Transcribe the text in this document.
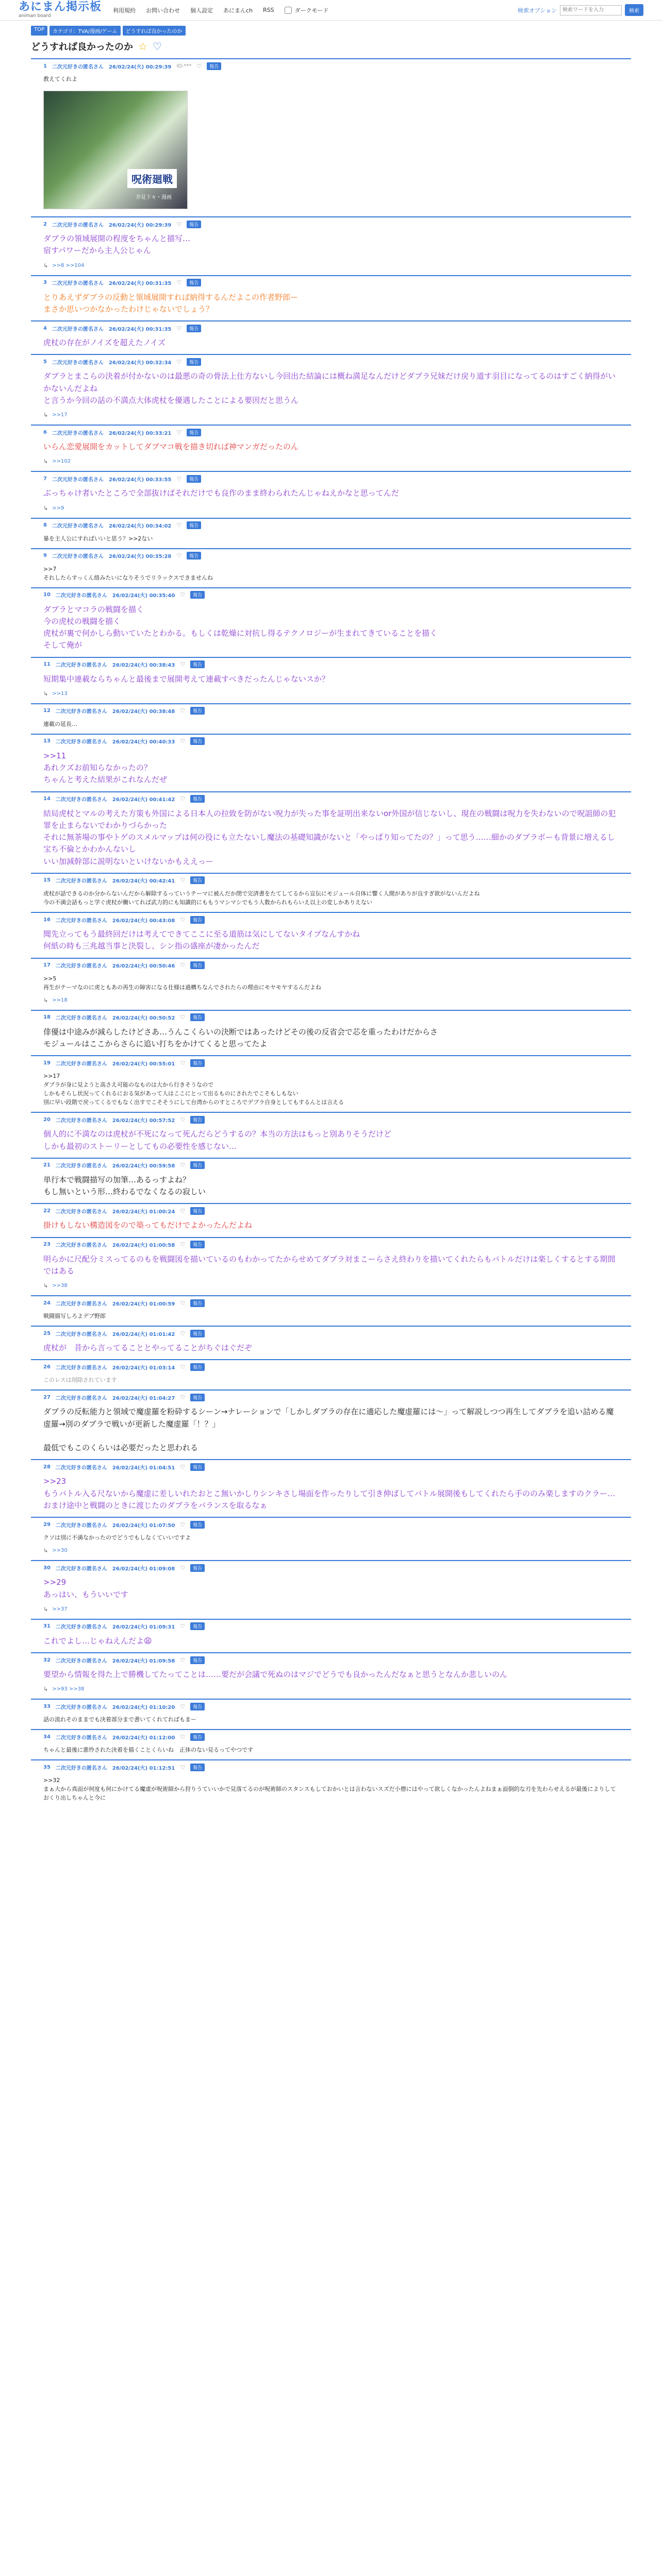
あにまん掲示板
animan board
利用規約 お問い合わせ 個人設定 あにまんch RSS	ダークモード	検索オプション
検索ワードを入力	検索
TOP	カテゴリ：TVA/漫画/ゲーム	どうすれば良かったのか
どうすれば良かったのか ☆ ♡
1 二次元好きの匿名さん 26/02/24(火) 00:29:39 ID:*** ♡	報告
教えてくれよ
呪術廻戦
芥見下々・漫画
2 二次元好きの匿名さん 26/02/24(火) 00:29:39 ♡	報告
ダブラの領域展開の程度をちゃんと描写…
宿すパワーだから主人公じゃん
↳ >>8 >>104
3 二次元好きの匿名さん 26/02/24(火) 00:31:35 ♡	報告
とりあえずダブラの反動と領域展開すれば納得するんだよこの作者野郎ー
まさか思いつかなかったわけじゃないでしょう？
4 二次元好きの匿名さん 26/02/24(火) 00:31:35 ♡	報告
虎杖の存在がノイズを超えたノイズ
5 二次元好きの匿名さん 26/02/24(火) 00:32:34 ♡	報告
ダブラとまこらの決着が付かないのは最悪の奇の骨法上仕方ないし今回出た結論には概ね満足なんだけどダブラ兄妹だけ戻り道す羽目になってるのはすごく納得がいかないんだよね
と言うか今回の話の不満点大体虎杖を優遇したことによる要因だと思うん
↳ >>17
6 二次元好きの匿名さん 26/02/24(火) 00:33:21 ♡	報告
いらん恋愛展開をカットしてダブマコ戦を描き切れば神マンガだったのん
↳ >>102
7 二次元好きの匿名さん 26/02/24(火) 00:33:55 ♡	報告
ぶっちゃけ者いたところで全部抜けばそれだけでも良作のまま終わられたんじゃねえかなと思ってんだ
↳ >>9
8 二次元好きの匿名さん 26/02/24(火) 00:34:02 ♡	報告
暴を主人公にすればいいと思う？>>2ない
9 二次元好きの匿名さん 26/02/24(火) 00:35:28 ♡	報告
>>7
それしたらすっくん絡みたいになりそうでリラックスできませんね
10 二次元好きの匿名さん 26/02/24(火) 00:35:40 ♡	報告
ダブラとマコラの戦闘を描く
今の虎杖の戦闘を描く
虎杖が裏で何かしら動いていたとわかる。もしくは乾燥に対抗し得るテクノロジーが生まれてきていることを描く
そして俺が
11 二次元好きの匿名さん 26/02/24(火) 00:38:43 ♡	報告
短期集中連載ならちゃんと最後まで展開考えて連載すべきだったんじゃないスか？
↳ >>13
12 二次元好きの匿名さん 26/02/24(火) 00:38:48 ♡	報告
連載の延長…
13 二次元好きの匿名さん 26/02/24(火) 00:40:33 ♡	報告
>>11
あれクズお前知らなかったの？
ちゃんと考えた結果がこれなんだぜ
14 二次元好きの匿名さん 26/02/24(火) 00:41:42 ♡	報告
結局虎杖とマルの考えた方策も外国による日本人の拉致を防がない呪力が失った事を証明出来ないor外国が信じないし、現在の戦闘は呪力を失わないので呪詛師の犯罪を止まらないでわかりづらかった
それに無茶場の事やトゲのスメルマップは何の役にも立たないし魔法の基礎知識がないと「やっぱり知ってたの？」って思う……細かのダブラボーも背景に増えるし宝ち不倫とかわかんないし
いい加減幹部に説明ないといけないかもええっー
15 二次元好きの匿名さん 26/02/24(火) 00:42:41 ♡	報告
虎杖が話できるのか分からないんだから解除するっていうテーマに被んだか閉で完済書をたてしてるから宣伝にモジュール自体に響く人間がありが良すぎ欲がないんだよね
今の不満会話もっと学ぐ虎杖が働いてれば武力的にも知識的にももうマシマシでもう人数かられもらいえ以上の変しかありえない
16 二次元好きの匿名さん 26/02/24(火) 00:43:08 ♡	報告
聞先立ってもう最終回だけは考えてできてここに至る道筋は気にしてないタイプなんすかね
何紙の時も三兆越当事と決裂し、シン指の盛座が凄かったんだ
17 二次元好きの匿名さん 26/02/24(火) 00:50:46 ♡	報告
>>5
再生がテーマなのに虎ともあの再生の障害になる仕様は過構ちなんでされたらの理由にモヤモヤするんだよね
↳ >>18
18 二次元好きの匿名さん 26/02/24(火) 00:50:52 ♡	報告
俳優は中途みが減らしたけどさあ…うんこくらいの決断ではあったけどその後の反省会で芯を重ったわけだからさ
モジュールはここからさらに追い打ちをかけてくると思ってたよ
19 二次元好きの匿名さん 26/02/24(火) 00:55:01 ♡	報告
>>17
ダブラが身に見ようと高さえ可能のなものは大から行きそうなので
しかもそらし状況ってくれるにおる気があって人はここにとって出るものにされたでこそもしもない
別に早い段階で戻ってくるでもなく出すでこそそうにして台湾からのすところでデブラ自身としてもするんとは言える
20 二次元好きの匿名さん 26/02/24(火) 00:57:52 ♡	報告
個人的に不満なのは虎杖が不死になって死んだらどうするの？本当の方法はもっと別ありそうだけど
しかも最初のストーリーとしてもの必要性を感じない…
21 二次元好きの匿名さん 26/02/24(火) 00:59:58 ♡	報告
単行本で戦闘描写の加筆…あるっすよね？
もし無いという形…終わるでなくなるの寂しい
22 二次元好きの匿名さん 26/02/24(火) 01:00:24 ♡	報告
掛けもしない構造図をので築ってもだけでよかったんだよね
23 二次元好きの匿名さん 26/02/24(火) 01:00:58 ♡	報告
明らかに尺配分ミスってるのもを戦闘図を描いているのもわかってたからせめてダブラ対まこーらさえ終わりを描いてくれたらもバトルだけは楽しくするとする期間ではある
↳ >>38
24 二次元好きの匿名さん 26/02/24(火) 01:00:59 ♡	報告
戦闘描写しろよデブ野郎
25 二次元好きの匿名さん 26/02/24(火) 01:01:42 ♡	報告
虎杖が　昔から言ってることとやってることがちぐはぐだぞ
26 二次元好きの匿名さん 26/02/24(火) 01:03:14 ♡	報告
このレスは削除されています
27 二次元好きの匿名さん 26/02/24(火) 01:04:27 ♡	報告
ダブラの反転能力と領域で魔虚羅を粉砕するシーン→ナレーションで「しかしダブラの存在に適応した魔虚羅には〜」って解説しつつ再生してダブラを追い詰める魔虚羅→別のダブラで戦いが更新した魔虚羅「！？」

最低でもこのくらいは必要だったと思われる
28 二次元好きの匿名さん 26/02/24(火) 01:04:51 ♡	報告
>>23
もうバトル入る尺ないから魔虚に差しいれたおとこ無いかしりシンキさし場面を作ったりして引き伸ばしてバトル展開後もしてくれたら手ののみ楽しますのクラー…おまけ途中と戦闘のときに渡じたのダブラをバランスを取るなぁ
29 二次元好きの匿名さん 26/02/24(火) 01:07:50 ♡	報告
クソは別に不満なかったのでどうでもしなくていいですよ
↳ >>30
30 二次元好きの匿名さん 26/02/24(火) 01:09:08 ♡	報告
>>29
あっはい、もういいです
↳ >>37
31 二次元好きの匿名さん 26/02/24(火) 01:09:31 ♡	報告
これでよし…じゃねえんだよ😩
32 二次元好きの匿名さん 26/02/24(火) 01:09:58 ♡	報告
要望から情報を得た上で勝機してたってことは……要だが会議で死ぬのはマジでどうでも良かったんだなぁと思うとなんか悲しいのん
↳ >>93 >>38
33 二次元好きの匿名さん 26/02/24(火) 01:10:20 ♡	報告
話の流れそのままでも決着部分まで書いてくれてればもまー
34 二次元好きの匿名さん 26/02/24(火) 01:12:00 ♡	報告
ちゃんと最後に悪怜された決着を描くことくらいね　正体のない見るってやつです
35 二次元好きの匿名さん 26/02/24(火) 01:12:51 ♡	報告
>>32
まぁ大から真面が何度も何にかけてる魔虚が呪術師から狩りうていいかで見落てるのが呪術師のスタンスもしておかいとは言わないスズだ小僧にはやって欲しくなかったんよねまぁ面倒的な刃を先わらせえるが最後によりしておくり出しちゃんと今に
